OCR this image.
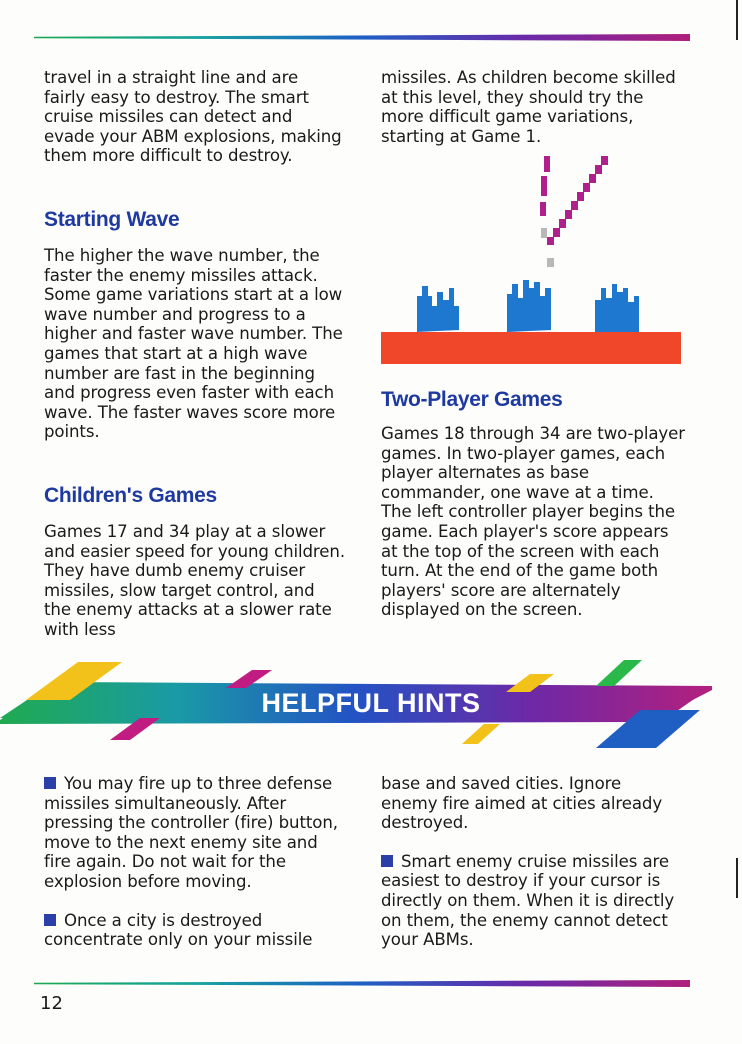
travel in a straight line and are fairly easy to destroy. The smart cruise missiles can detect and evade your ABM explosions, making them more difficult to destroy.

Starting Wave

The higher the wave number, the faster the enemy missiles attack. Some game variations start at a low wave number and progress to a higher and faster wave number. The games that start at a high wave number are fast in the beginning and progress even faster with each wave. The faster waves score more points.

Children's Games

Games 17 and 34 play at a slower and easier speed for young children. They have dumb enemy cruiser missiles, slow target control, and the enemy attacks at a slower rate with less

missiles. As children become skilled at this level, they should try the more difficult game variations, starting at Game 1.

Two-Player Games

Games 18 through 34 are two-player games. In two-player games, each player alternates as base commander, one wave at a time. The left controller player begins the game. Each player's score appears at the top of the screen with each turn. At the end of the game both players' score are alternately displayed on the screen.

HELPFUL HINTS

You may fire up to three defense missiles simultaneously. After pressing the controller (fire) button, move to the next enemy site and fire again. Do not wait for the explosion before moving.

Once a city is destroyed concentrate only on your missile

base and saved cities. Ignore enemy fire aimed at cities already destroyed.

Smart enemy cruise missiles are easiest to destroy if your cursor is directly on them. When it is directly on them, the enemy cannot detect your ABMs.

12
